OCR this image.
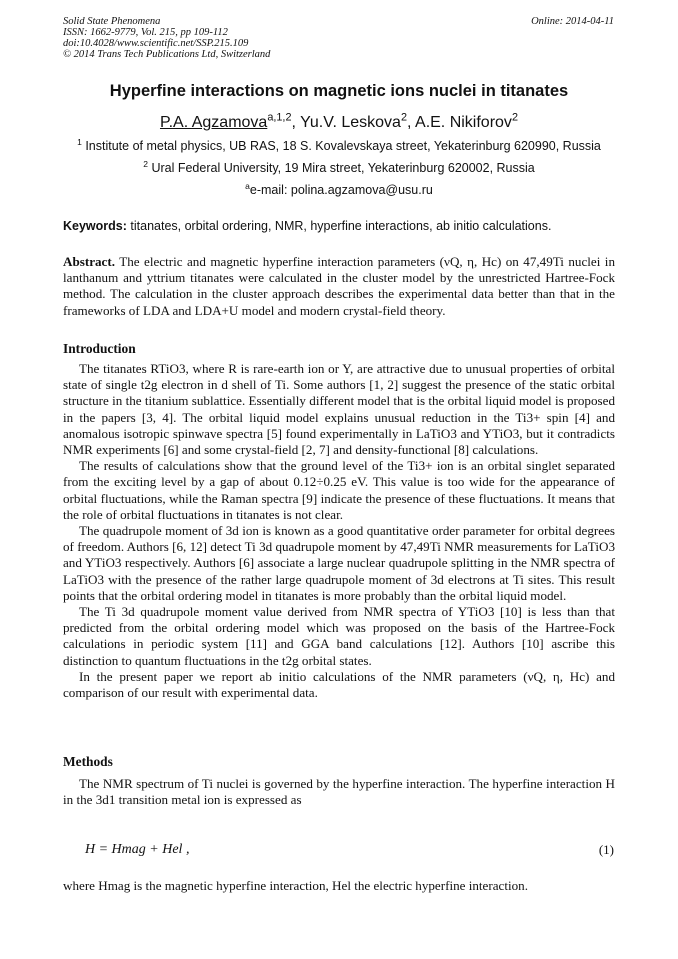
Solid State Phenomena
ISSN: 1662-9779, Vol. 215, pp 109-112
doi:10.4028/www.scientific.net/SSP.215.109
© 2014 Trans Tech Publications Ltd, Switzerland
Online: 2014-04-11
Hyperfine interactions on magnetic ions nuclei in titanates
P.A. Agzamova$^{a,1,2}$, Yu.V. Leskova$^2$, A.E. Nikiforov$^2$
$^1$ Institute of metal physics, UB RAS, 18 S. Kovalevskaya street, Yekaterinburg 620990, Russia
$^2$ Ural Federal University, 19 Mira street, Yekaterinburg 620002, Russia
$^a$e-mail: polina.agzamova@usu.ru
Keywords: titanates, orbital ordering, NMR, hyperfine interactions, ab initio calculations.

Abstract. The electric and magnetic hyperfine interaction parameters (νQ, η, Hc) on 47,49Ti nuclei in lanthanum and yttrium titanates were calculated in the cluster model by the unrestricted Hartree-Fock method. The calculation in the cluster approach describes the experimental data better than that in the frameworks of LDA and LDA+U model and modern crystal-field theory.

Introduction

The titanates RTiO3, where R is rare-earth ion or Y, are attractive due to unusual properties of orbital state of single t2g electron in d shell of Ti. Some authors [1, 2] suggest the presence of the static orbital structure in the titanium sublattice. Essentially different model that is the orbital liquid model is proposed in the papers [3, 4]. The orbital liquid model explains unusual reduction in the Ti3+ spin [4] and anomalous isotropic spinwave spectra [5] found experimentally in LaTiO3 and YTiO3, but it contradicts NMR experiments [6] and some crystal-field [2, 7] and density-functional [8] calculations.

The results of calculations show that the ground level of the Ti3+ ion is an orbital singlet separated from the exciting level by a gap of about 0.12÷0.25 eV. This value is too wide for the appearance of orbital fluctuations, while the Raman spectra [9] indicate the presence of these fluctuations. It means that the role of orbital fluctuations in titanates is not clear.

The quadrupole moment of 3d ion is known as a good quantitative order parameter for orbital degrees of freedom. Authors [6, 12] detect Ti 3d quadrupole moment by 47,49Ti NMR measurements for LaTiO3 and YTiO3 respectively. Authors [6] associate a large nuclear quadrupole splitting in the NMR spectra of LaTiO3 with the presence of the rather large quadrupole moment of 3d electrons at Ti sites. This result points that the orbital ordering model in titanates is more probably than the orbital liquid model.

The Ti 3d quadrupole moment value derived from NMR spectra of YTiO3 [10] is less than that predicted from the orbital ordering model which was proposed on the basis of the Hartree-Fock calculations in periodic system [11] and GGA band calculations [12]. Authors [10] ascribe this distinction to quantum fluctuations in the t2g orbital states.

In the present paper we report ab initio calculations of the NMR parameters (νQ, η, Hc) and comparison of our result with experimental data.

Methods

The NMR spectrum of Ti nuclei is governed by the hyperfine interaction. The hyperfine interaction H in the 3d1 transition metal ion is expressed as

H = Hmag + Hel ,	(1)

where Hmag is the magnetic hyperfine interaction, Hel the electric hyperfine interaction.
